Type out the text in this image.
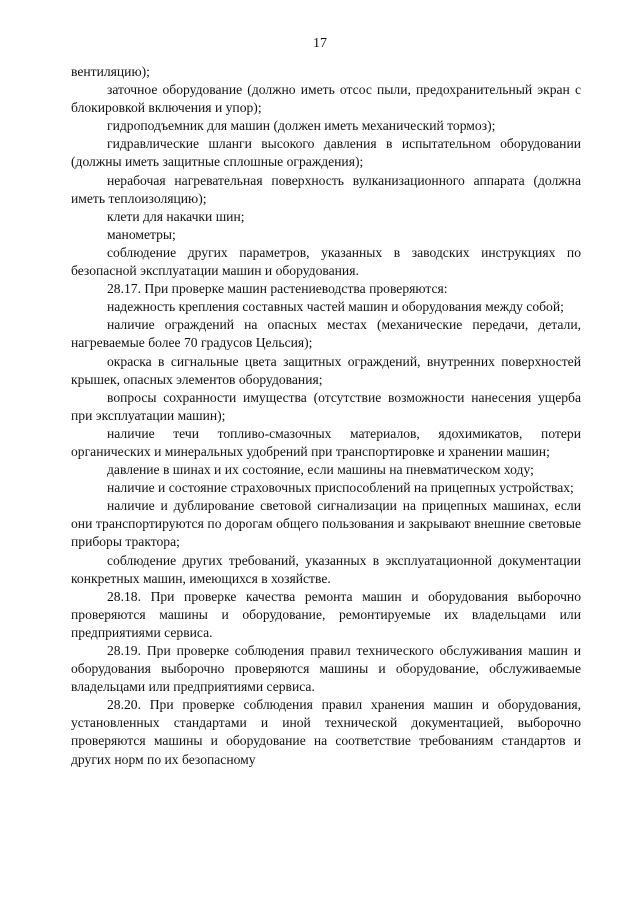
17

вентиляцию);

заточное оборудование (должно иметь отсос пыли, предохранительный экран с блокировкой включения и упор);

гидроподъемник для машин (должен иметь механический тормоз);

гидравлические шланги высокого давления в испытательном оборудовании (должны иметь защитные сплошные ограждения);

нерабочая нагревательная поверхность вулканизационного аппарата (должна иметь теплоизоляцию);

клети для накачки шин;

манометры;

соблюдение других параметров, указанных в заводских инструкциях по безопасной эксплуатации машин и оборудования.

28.17. При проверке машин растениеводства проверяются:

надежность крепления составных частей машин и оборудования между собой;

наличие ограждений на опасных местах (механические передачи, детали, нагреваемые более 70 градусов Цельсия);

окраска в сигнальные цвета защитных ограждений, внутренних поверхностей крышек, опасных элементов оборудования;

вопросы сохранности имущества (отсутствие возможности нанесения ущерба при эксплуатации машин);

наличие течи топливо-смазочных материалов, ядохимикатов, потери органических и минеральных удобрений при транспортировке и хранении машин;

давление в шинах и их состояние, если машины на пневматическом ходу;

наличие и состояние страховочных приспособлений на прицепных устройствах;

наличие и дублирование световой сигнализации на прицепных машинах, если они транспортируются по дорогам общего пользования и закрывают внешние световые приборы трактора;

соблюдение других требований, указанных в эксплуатационной документации конкретных машин, имеющихся в хозяйстве.

28.18. При проверке качества ремонта машин и оборудования выборочно проверяются машины и оборудование, ремонтируемые их владельцами или предприятиями сервиса.

28.19. При проверке соблюдения правил технического обслуживания машин и оборудования выборочно проверяются машины и оборудование, обслуживаемые владельцами или предприятиями сервиса.

28.20. При проверке соблюдения правил хранения машин и оборудования, установленных стандартами и иной технической документацией, выборочно проверяются машины и оборудование на соответствие требованиям стандартов и других норм по их безопасному
